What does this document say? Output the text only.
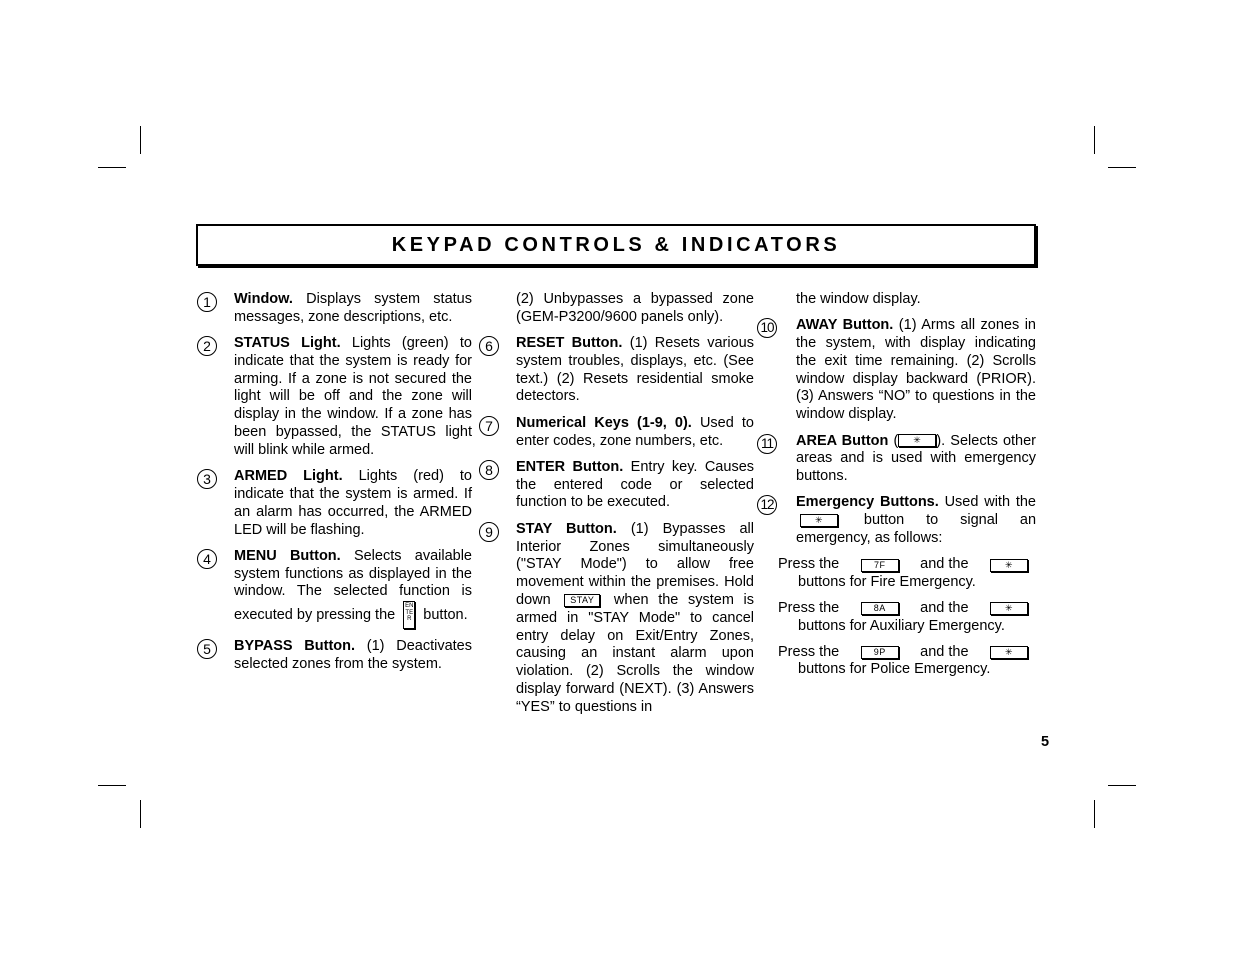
KEYPAD CONTROLS & INDICATORS
1	Window. Displays system status messages, zone descriptions, etc.
2	STATUS Light. Lights (green) to indicate that the system is ready for arming. If a zone is not secured the light will be off and the zone will display in the window. If a zone has been bypassed, the STATUS light will blink while armed.
3	ARMED Light. Lights (red) to indicate that the system is armed. If an alarm has occurred, the ARMED LED will be flashing.
4	MENU Button. Selects available system functions as displayed in the window. The selected function is executed by pressing the ENTER button.
5	BYPASS Button. (1) Deactivates selected zones from the system.
(2) Unbypasses a bypassed zone (GEM-P3200/9600 panels only).
6	RESET Button. (1) Resets various system troubles, displays, etc. (See text.) (2) Resets residential smoke detectors.
7	Numerical Keys (1-9, 0). Used to enter codes, zone numbers, etc.
8	ENTER Button. Entry key. Causes the entered code or selected function to be executed.
9	STAY Button. (1) Bypasses all Interior Zones simultaneously ("STAY Mode") to allow free movement within the premises. Hold down STAY when the system is armed in "STAY Mode" to cancel entry delay on Exit/Entry Zones, causing an instant alarm upon violation. (2) Scrolls the window display forward (NEXT). (3) Answers “YES” to questions in
the window display.
10 AWAY Button. (1) Arms all zones in the system, with display indicating the exit time remaining. (2) Scrolls window display backward (PRIOR). (3) Answers “NO” to questions in the window display.
11 AREA Button ( ✳ ). Selects other areas and is used with emergency buttons.
12 Emergency Buttons. Used with the ✳	button to signal an emergency, as follows:
Press the	7F	and the	✳
buttons for Fire Emergency.
Press the	8A	and the	✳
buttons for Auxiliary Emergency.
Press the	9P	and the	✳
buttons for Police Emergency.
5
